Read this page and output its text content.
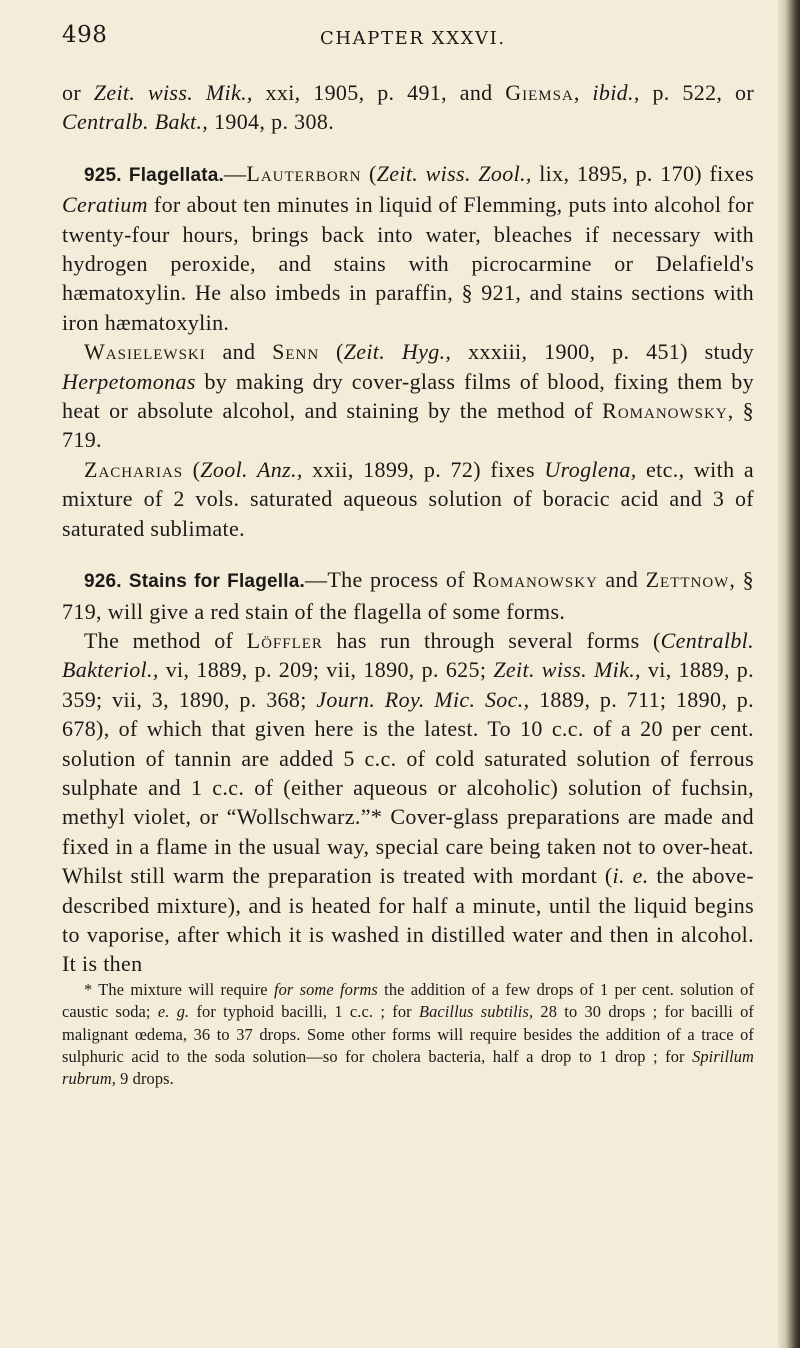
498	CHAPTER XXXVI.

or Zeit. wiss. Mik., xxi, 1905, p. 491, and Giemsa, ibid., p. 522, or Centralb. Bakt., 1904, p. 308.

925. Flagellata.—Lauterborn (Zeit. wiss. Zool., lix, 1895, p. 170) fixes Ceratium for about ten minutes in liquid of Flemming, puts into alcohol for twenty-four hours, brings back into water, bleaches if necessary with hydrogen peroxide, and stains with picrocarmine or Delafield's hæmatoxylin. He also imbeds in paraffin, § 921, and stains sections with iron hæmatoxylin.

Wasielewski and Senn (Zeit. Hyg., xxxiii, 1900, p. 451) study Herpetomonas by making dry cover-glass films of blood, fixing them by heat or absolute alcohol, and staining by the method of Romanowsky, § 719.

Zacharias (Zool. Anz., xxii, 1899, p. 72) fixes Uroglena, etc., with a mixture of 2 vols. saturated aqueous solution of boracic acid and 3 of saturated sublimate.

926. Stains for Flagella.—The process of Romanowsky and Zettnow, § 719, will give a red stain of the flagella of some forms.

The method of Löffler has run through several forms (Centralbl. Bakteriol., vi, 1889, p. 209; vii, 1890, p. 625; Zeit. wiss. Mik., vi, 1889, p. 359; vii, 3, 1890, p. 368; Journ. Roy. Mic. Soc., 1889, p. 711; 1890, p. 678), of which that given here is the latest. To 10 c.c. of a 20 per cent. solution of tannin are added 5 c.c. of cold saturated solution of ferrous sulphate and 1 c.c. of (either aqueous or alcoholic) solution of fuchsin, methyl violet, or “Wollschwarz.”* Cover-glass preparations are made and fixed in a flame in the usual way, special care being taken not to over-heat. Whilst still warm the preparation is treated with mordant (i. e. the above-described mixture), and is heated for half a minute, until the liquid begins to vaporise, after which it is washed in distilled water and then in alcohol. It is then

* The mixture will require for some forms the addition of a few drops of 1 per cent. solution of caustic soda; e. g. for typhoid bacilli, 1 c.c. ; for Bacillus subtilis, 28 to 30 drops ; for bacilli of malignant œdema, 36 to 37 drops. Some other forms will require besides the addition of a trace of sulphuric acid to the soda solution—so for cholera bacteria, half a drop to 1 drop ; for Spirillum rubrum, 9 drops.
